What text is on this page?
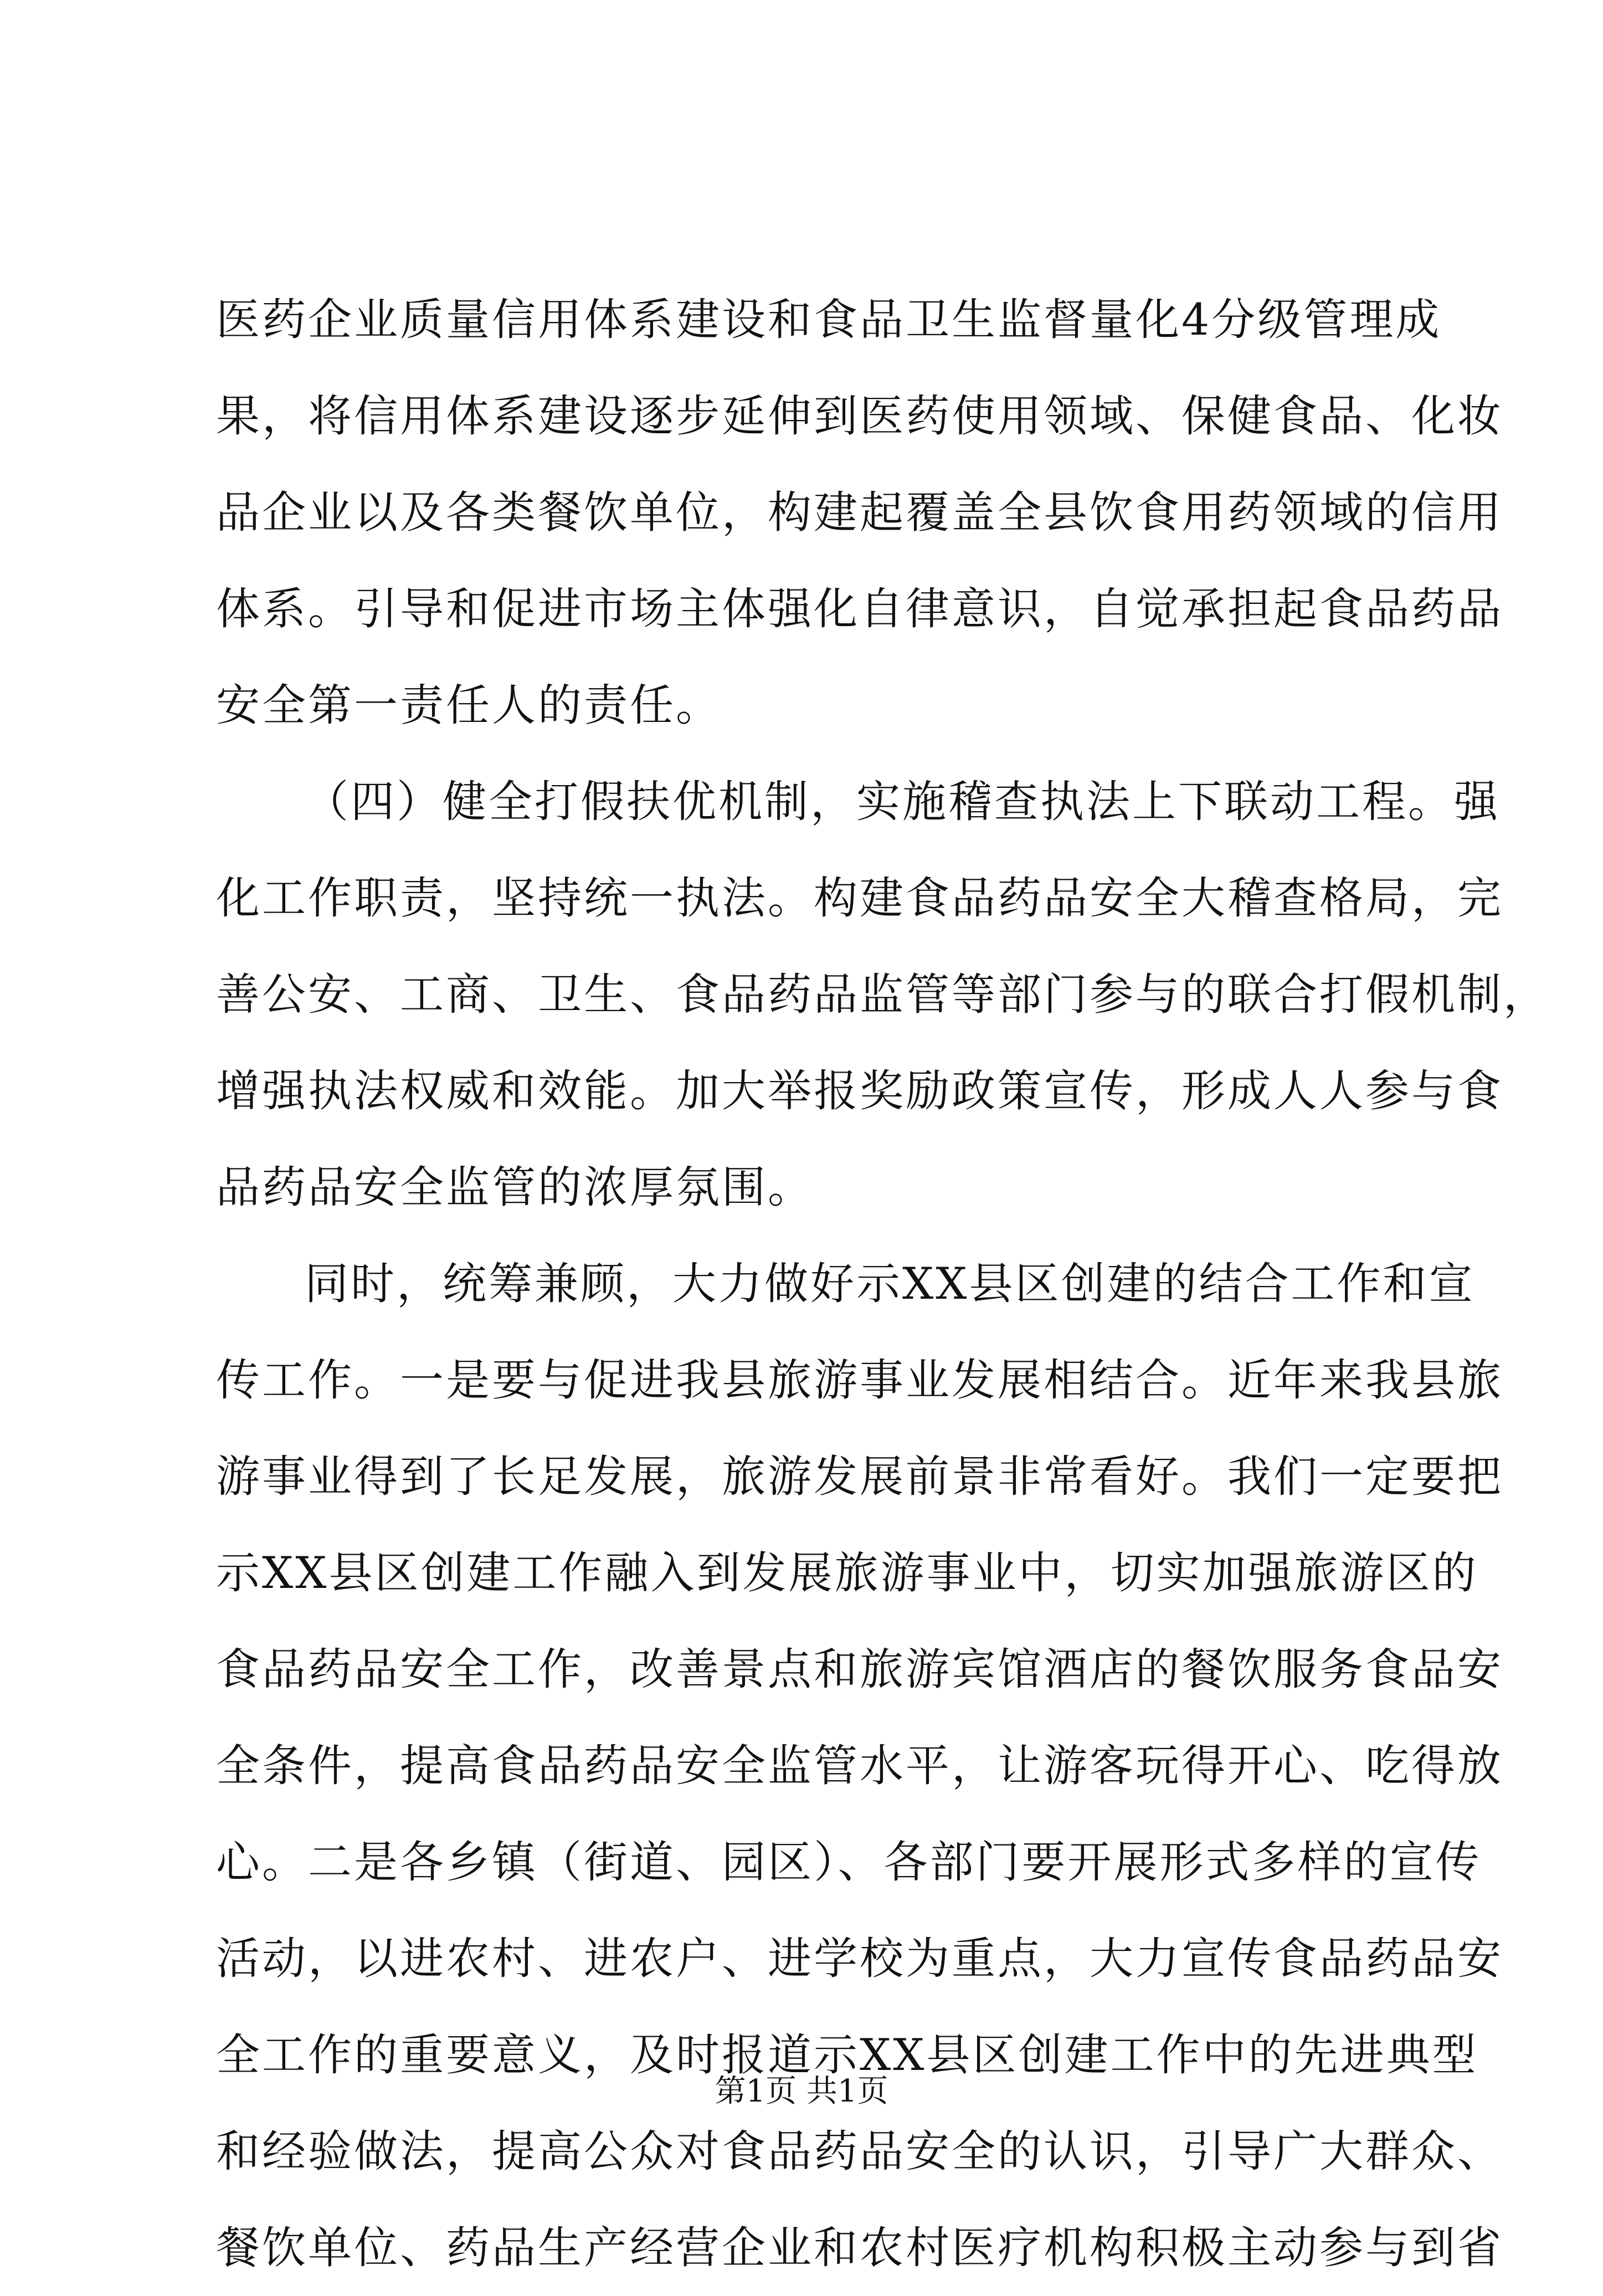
医药企业质量信用体系建设和食品卫生监督量化4分级管理成
果，将信用体系建设逐步延伸到医药使用领域、保健食品、化妆
品企业以及各类餐饮单位，构建起覆盖全县饮食用药领域的信用
体系。引导和促进市场主体强化自律意识，自觉承担起食品药品
安全第一责任人的责任。
（四）健全打假扶优机制，实施稽查执法上下联动工程。强
化工作职责，坚持统一执法。构建食品药品安全大稽查格局，完
善公安、工商、卫生、食品药品监管等部门参与的联合打假机制，
增强执法权威和效能。加大举报奖励政策宣传，形成人人参与食
品药品安全监管的浓厚氛围。
同时，统筹兼顾，大力做好示XX县区创建的结合工作和宣
传工作。一是要与促进我县旅游事业发展相结合。近年来我县旅
游事业得到了长足发展，旅游发展前景非常看好。我们一定要把
示XX县区创建工作融入到发展旅游事业中，切实加强旅游区的
食品药品安全工作，改善景点和旅游宾馆酒店的餐饮服务食品安
全条件，提高食品药品安全监管水平，让游客玩得开心、吃得放
心。二是各乡镇（街道、园区）、各部门要开展形式多样的宣传
活动，以进农村、进农户、进学校为重点，大力宣传食品药品安
全工作的重要意义，及时报道示XX县区创建工作中的先进典型
和经验做法，提高公众对食品药品安全的认识，引导广大群众、
餐饮单位、药品生产经营企业和农村医疗机构积极主动参与到省
第1页 共1页
